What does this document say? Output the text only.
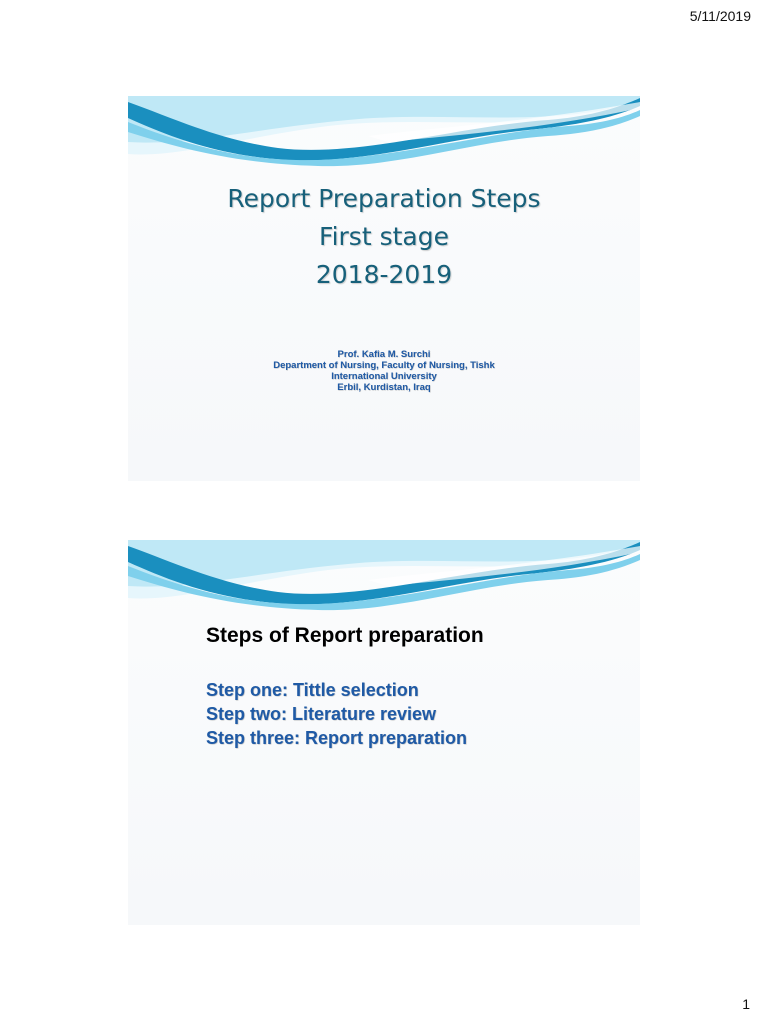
5/11/2019
Report Preparation Steps
First stage
2018-2019
Prof. Kafia M. Surchi
Department of Nursing, Faculty of Nursing, Tishk
International University
Erbil, Kurdistan, Iraq
Steps of Report preparation
Step one: Tittle selection
Step two: Literature review
Step three: Report preparation
1
